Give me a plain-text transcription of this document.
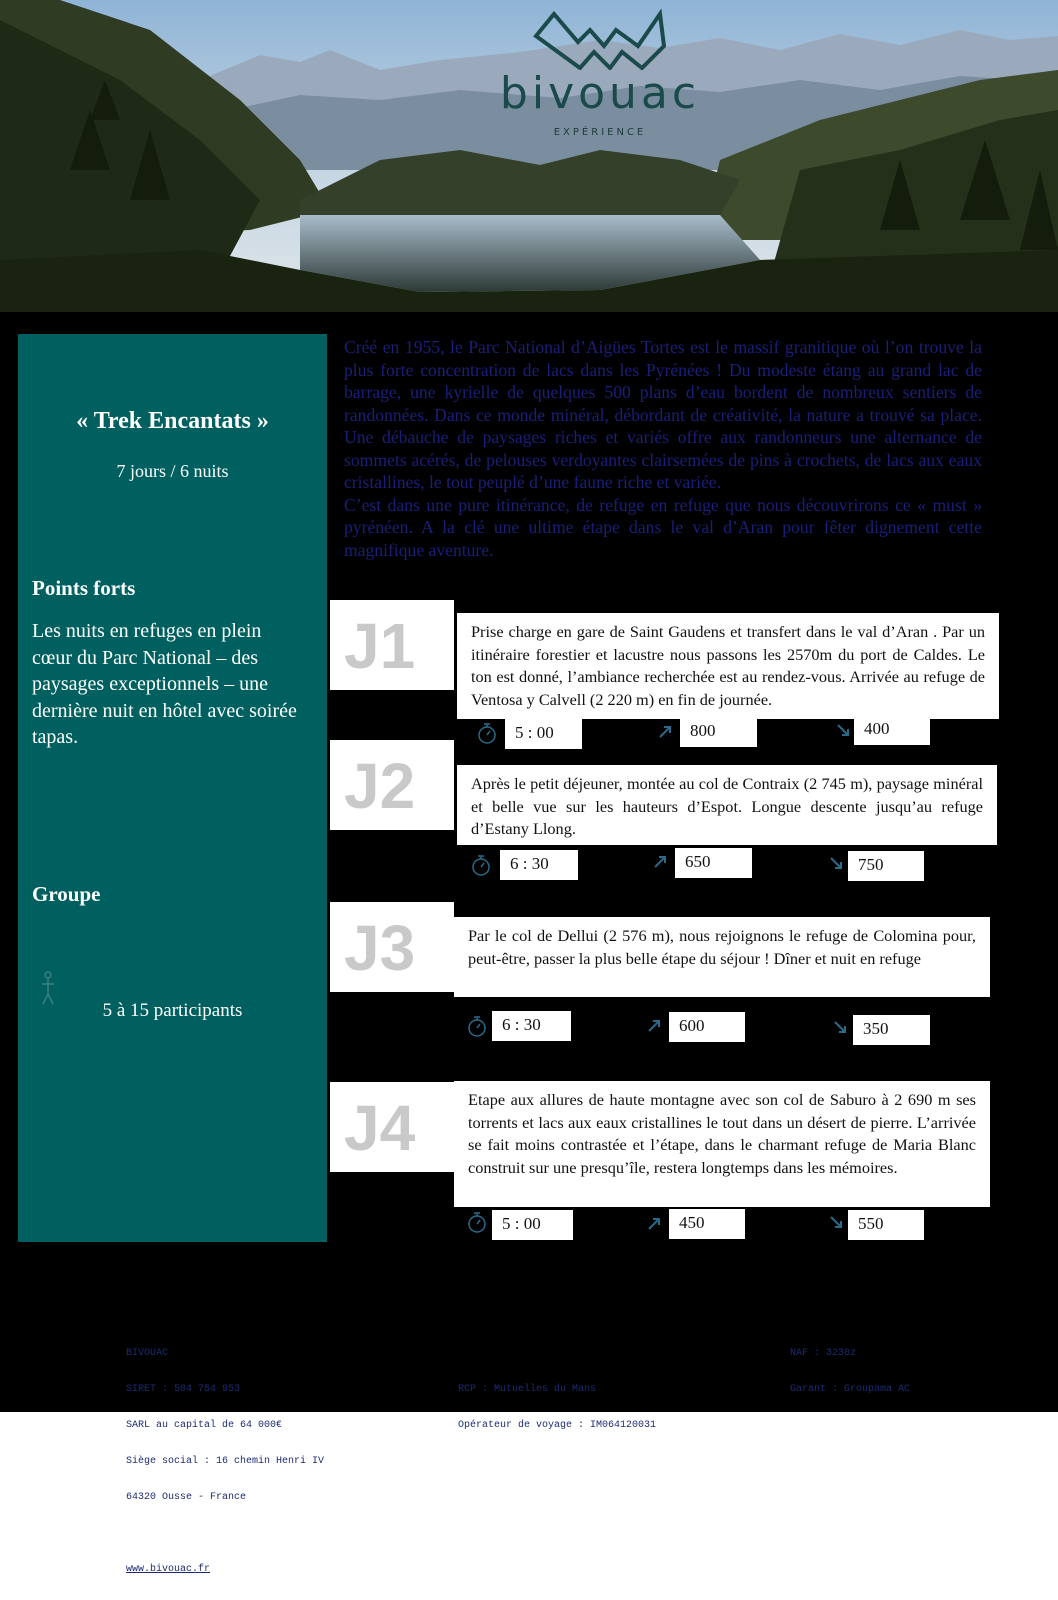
bivouac
EXPÉRIENCE
« Trek Encantats »
7 jours / 6 nuits
Points forts
Les nuits en refuges en plein cœur du Parc National – des paysages exceptionnels – une dernière nuit en hôtel avec soirée tapas.
Groupe
5 à 15 participants

Créé en 1955, le Parc National d’Aigües Tortes est le massif granitique où l’on trouve la plus forte concentration de lacs dans les Pyrénées ! Du modeste étang au grand lac de barrage, une kyrielle de quelques 500 plans d’eau bordent de nombreux sentiers de randonnées. Dans ce monde minéral, débordant de créativité, la nature a trouvé sa place. Une débauche de paysages riches et variés offre aux randonneurs une alternance de sommets acérés, de pelouses verdoyantes clairsemées de pins à crochets, de lacs aux eaux cristallines, le tout peuplé d’une faune riche et variée.

C’est dans une pure itinérance, de refuge en refuge que nous découvrirons ce « must » pyrénéen. A la clé une ultime étape dans le val d’Aran pour fêter dignement cette magnifique aventure.

J1	Prise charge en gare de Saint Gaudens et transfert dans le val d’Aran . Par un itinéraire forestier et lacustre nous passons les 2570m du port de Caldes. Le ton est donné, l’ambiance recherchée est au rendez-vous. Arrivée au refuge de Ventosa y Calvell (2 220 m) en fin de journée.
5 : 00	800	400
J2	Après le petit déjeuner, montée au col de Contraix (2 745 m), paysage minéral et belle vue sur les hauteurs d’Espot. Longue descente jusqu’au refuge d’Estany Llong.
6 : 30	650	750
J3	Par le col de Dellui (2 576 m), nous rejoignons le refuge de Colomina pour, peut-être, passer la plus belle étape du séjour ! Dîner et nuit en refuge
6 : 30	600	350
J4	Etape aux allures de haute montagne avec son col de Saburo à 2 690 m ses torrents et lacs aux eaux cristallines le tout dans un désert de pierre. L’arrivée se fait moins contrastée et l’étape, dans le charmant refuge de Maria Blanc construit sur une presqu’île, restera longtemps dans les mémoires.
5 : 00	450	550

BIVOUAC

SIRET : 504 754 953

SARL au capital de 64 000€

Siège social : 16 chemin Henri IV

64320 Ousse - France

www.bivouac.fr

RCP : Mutuelles du Mans

Opérateur de voyage : IM064120031

NAF : 3230z
Garant : Groupama AC
